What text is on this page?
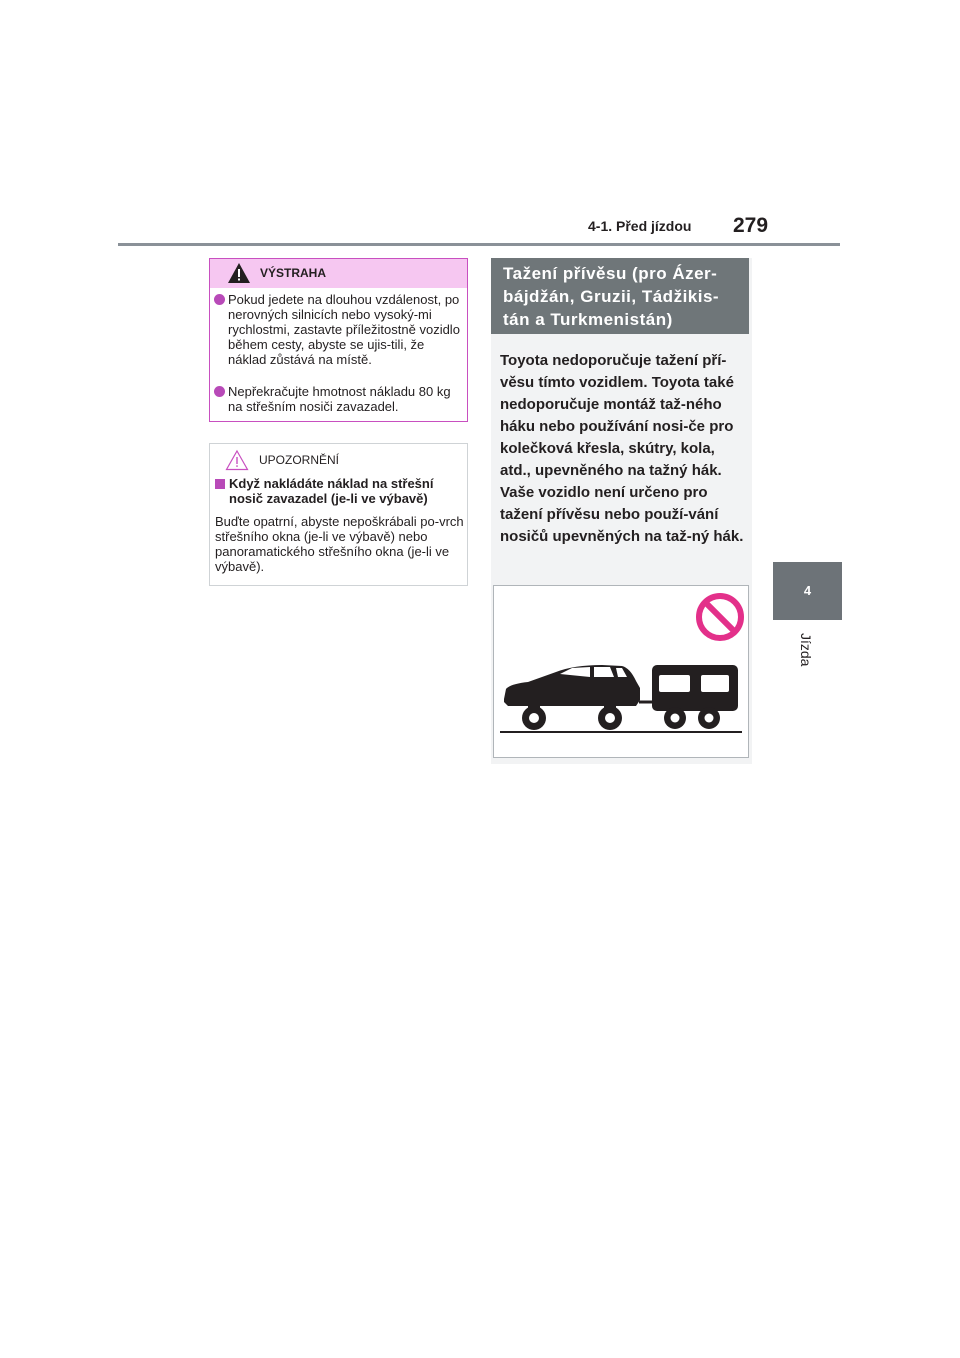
4-1. Před jízdou 279
4
Jízda
VÝSTRAHA
Pokud jedete na dlouhou vzdálenost, po nerovných silnicích nebo vysoký-mi rychlostmi, zastavte příležitostně vozidlo během cesty, abyste se ujis-tili, že náklad zůstává na místě.
Nepřekračujte hmotnost nákladu 80 kg na střešním nosiči zavazadel.
UPOZORNĚNÍ
Když nakládáte náklad na střešní nosič zavazadel (je-li ve výbavě)
Buďte opatrní, abyste nepoškrábali po-vrch střešního okna (je-li ve výbavě) nebo panoramatického střešního okna (je-li ve výbavě).
Tažení přívěsu (pro Ázer-bájdžán, Gruzii, Tádžikis-tán a Turkmenistán)
Toyota nedoporučuje tažení pří-věsu tímto vozidlem. Toyota také nedoporučuje montáž taž-ného háku nebo používání nosi-če pro kolečková křesla, skútry, kola, atd., upevněného na tažný hák. Vaše vozidlo není určeno pro tažení přívěsu nebo použí-vání nosičů upevněných na taž-ný hák.
